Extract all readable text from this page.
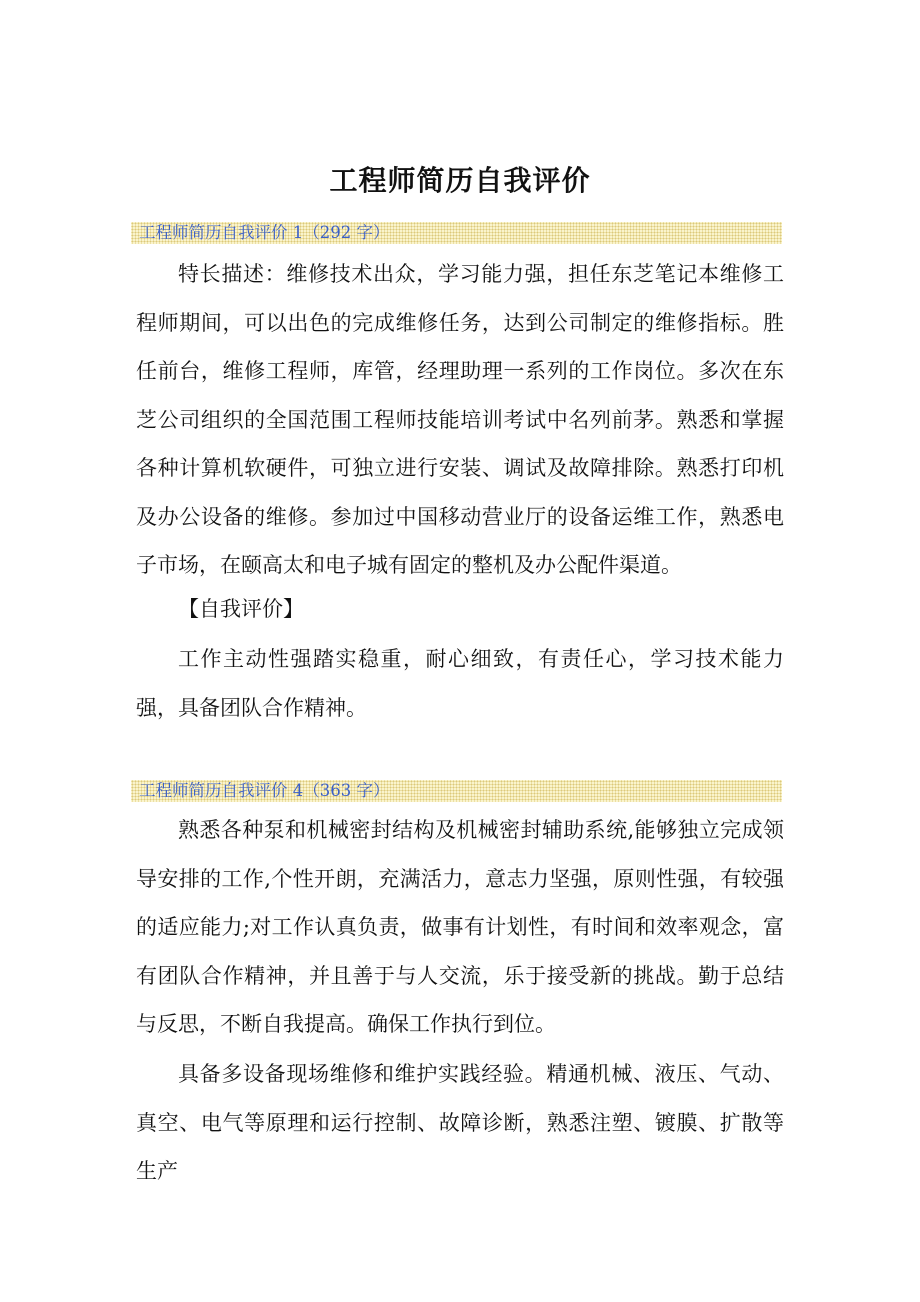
工程师简历自我评价
工程师简历自我评价 1（292 字）

特长描述：维修技术出众，学习能力强，担任东芝笔记本维修工程师期间，可以出色的完成维修任务，达到公司制定的维修指标。胜任前台，维修工程师，库管，经理助理一系列的工作岗位。多次在东芝公司组织的全国范围工程师技能培训考试中名列前茅。熟悉和掌握各种计算机软硬件，可独立进行安装、调试及故障排除。熟悉打印机及办公设备的维修。参加过中国移动营业厅的设备运维工作，熟悉电子市场，在颐高太和电子城有固定的整机及办公配件渠道。

【自我评价】

工作主动性强踏实稳重，耐心细致，有责任心，学习技术能力强，具备团队合作精神。

工程师简历自我评价 4（363 字）

熟悉各种泵和机械密封结构及机械密封辅助系统,能够独立完成领导安排的工作,个性开朗，充满活力，意志力坚强，原则性强，有较强的适应能力;对工作认真负责，做事有计划性，有时间和效率观念，富有团队合作精神，并且善于与人交流，乐于接受新的挑战。勤于总结与反思，不断自我提高。确保工作执行到位。

具备多设备现场维修和维护实践经验。精通机械、液压、气动、真空、电气等原理和运行控制、故障诊断，熟悉注塑、镀膜、扩散等生产
